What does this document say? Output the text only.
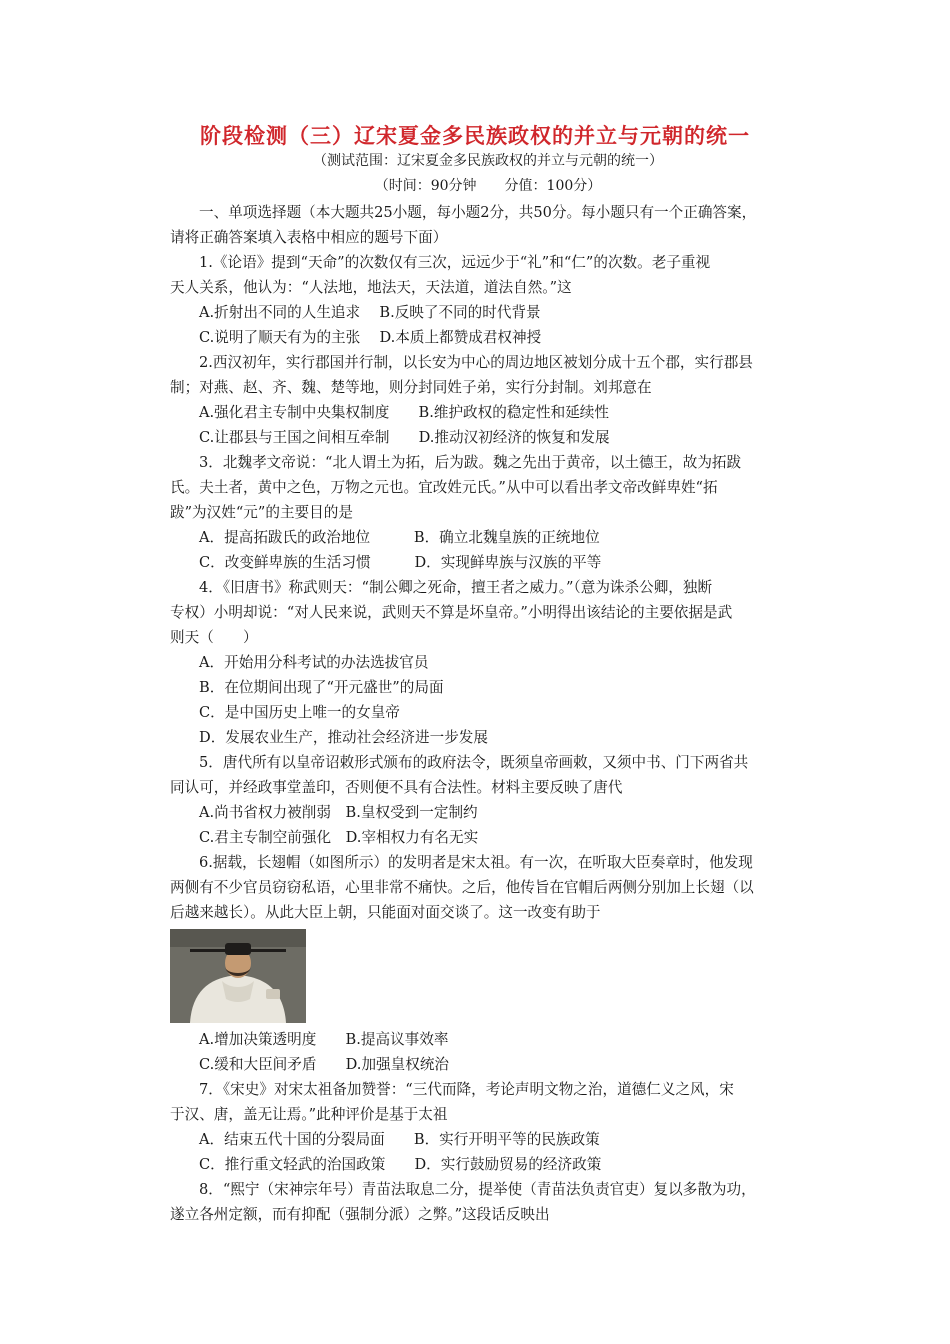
阶段检测（三）辽宋夏金多民族政权的并立与元朝的统一
（测试范围：辽宋夏金多民族政权的并立与元朝的统一）
（时间：90分钟　　分值：100分）
一、单项选择题（本大题共25小题，每小题2分，共50分。每小题只有一个正确答案，
请将正确答案填入表格中相应的题号下面）
1.《论语》提到“天命”的次数仅有三次，远远少于“礼”和“仁”的次数。老子重视
天人关系，他认为：“人法地，地法天，天法道，道法自然。”这
A.折射出不同的人生追求　 B.反映了不同的时代背景
C.说明了顺天有为的主张　 D.本质上都赞成君权神授
2.西汉初年，实行郡国并行制，以长安为中心的周边地区被划分成十五个郡，实行郡县
制；对燕、赵、齐、魏、楚等地，则分封同姓子弟，实行分封制。刘邦意在
A.强化君主专制中央集权制度　　B.维护政权的稳定性和延续性
C.让郡县与王国之间相互牵制　　D.推动汉初经济的恢复和发展
3．北魏孝文帝说：“北人谓土为拓，后为跋。魏之先出于黄帝，以土德王，故为拓跋
氏。夫土者，黄中之色，万物之元也。宜改姓元氏。”从中可以看出孝文帝改鲜卑姓“拓
跋”为汉姓“元”的主要目的是
A．提高拓跋氏的政治地位　　　B．确立北魏皇族的正统地位
C．改变鲜卑族的生活习惯　　　D．实现鲜卑族与汉族的平等
4．《旧唐书》称武则天：“制公卿之死命，擅王者之威力。”（意为诛杀公卿，独断
专权）小明却说：“对人民来说，武则天不算是坏皇帝。”小明得出该结论的主要依据是武
则天（　　）
A．开始用分科考试的办法选拔官员
B．在位期间出现了“开元盛世”的局面
C．是中国历史上唯一的女皇帝
D．发展农业生产，推动社会经济进一步发展
5．唐代所有以皇帝诏敕形式颁布的政府法令，既须皇帝画敕，又须中书、门下两省共
同认可，并经政事堂盖印，否则便不具有合法性。材料主要反映了唐代
A.尚书省权力被削弱　B.皇权受到一定制约
C.君主专制空前强化　D.宰相权力有名无实
6.据载，长翅帽（如图所示）的发明者是宋太祖。有一次，在听取大臣奏章时，他发现
两侧有不少官员窃窃私语，心里非常不痛快。之后，他传旨在官帽后两侧分别加上长翅（以
后越来越长）。从此大臣上朝，只能面对面交谈了。这一改变有助于
A.增加决策透明度　　B.提高议事效率
C.缓和大臣间矛盾　　D.加强皇权统治
7．《宋史》对宋太祖备加赞誉：“三代而降，考论声明文物之治，道德仁义之风，宋
于汉、唐，盖无让焉。”此种评价是基于太祖
A．结束五代十国的分裂局面　　B．实行开明平等的民族政策
C．推行重文轻武的治国政策　　D．实行鼓励贸易的经济政策
8．“熙宁（宋神宗年号）青苗法取息二分，提举使（青苗法负责官吏）复以多散为功，
遂立各州定额，而有抑配（强制分派）之弊。”这段话反映出
